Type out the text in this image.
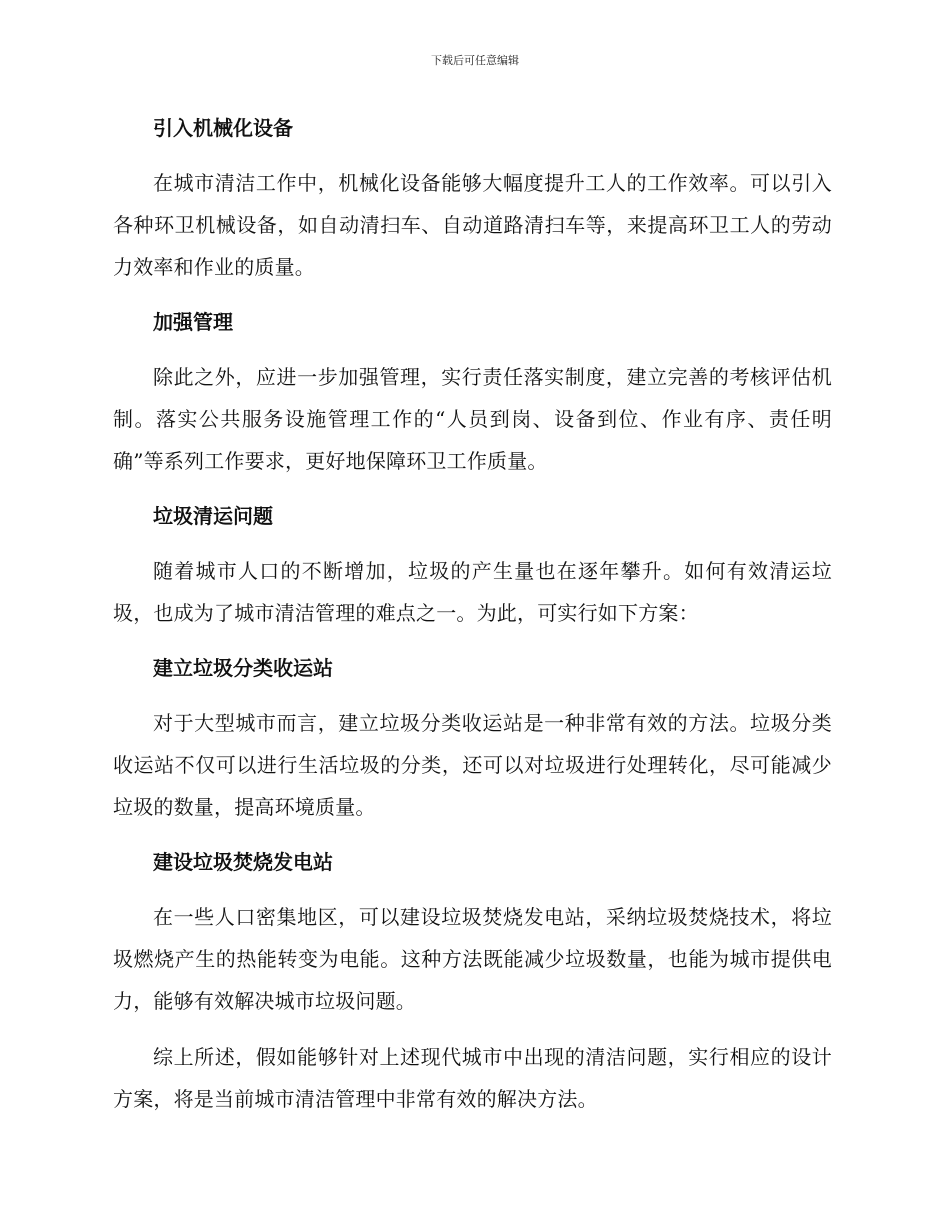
下载后可任意编辑
引入机械化设备

在城市清洁工作中，机械化设备能够大幅度提升工人的工作效率。可以引入各种环卫机械设备，如自动清扫车、自动道路清扫车等，来提高环卫工人的劳动力效率和作业的质量。

加强管理

除此之外，应进一步加强管理，实行责任落实制度，建立完善的考核评估机制。落实公共服务设施管理工作的“人员到岗、设备到位、作业有序、责任明确”等系列工作要求，更好地保障环卫工作质量。

垃圾清运问题

随着城市人口的不断增加，垃圾的产生量也在逐年攀升。如何有效清运垃圾，也成为了城市清洁管理的难点之一。为此，可实行如下方案：

建立垃圾分类收运站

对于大型城市而言，建立垃圾分类收运站是一种非常有效的方法。垃圾分类收运站不仅可以进行生活垃圾的分类，还可以对垃圾进行处理转化，尽可能减少垃圾的数量，提高环境质量。

建设垃圾焚烧发电站

在一些人口密集地区，可以建设垃圾焚烧发电站，采纳垃圾焚烧技术，将垃圾燃烧产生的热能转变为电能。这种方法既能减少垃圾数量，也能为城市提供电力，能够有效解决城市垃圾问题。

综上所述，假如能够针对上述现代城市中出现的清洁问题，实行相应的设计方案，将是当前城市清洁管理中非常有效的解决方法。
